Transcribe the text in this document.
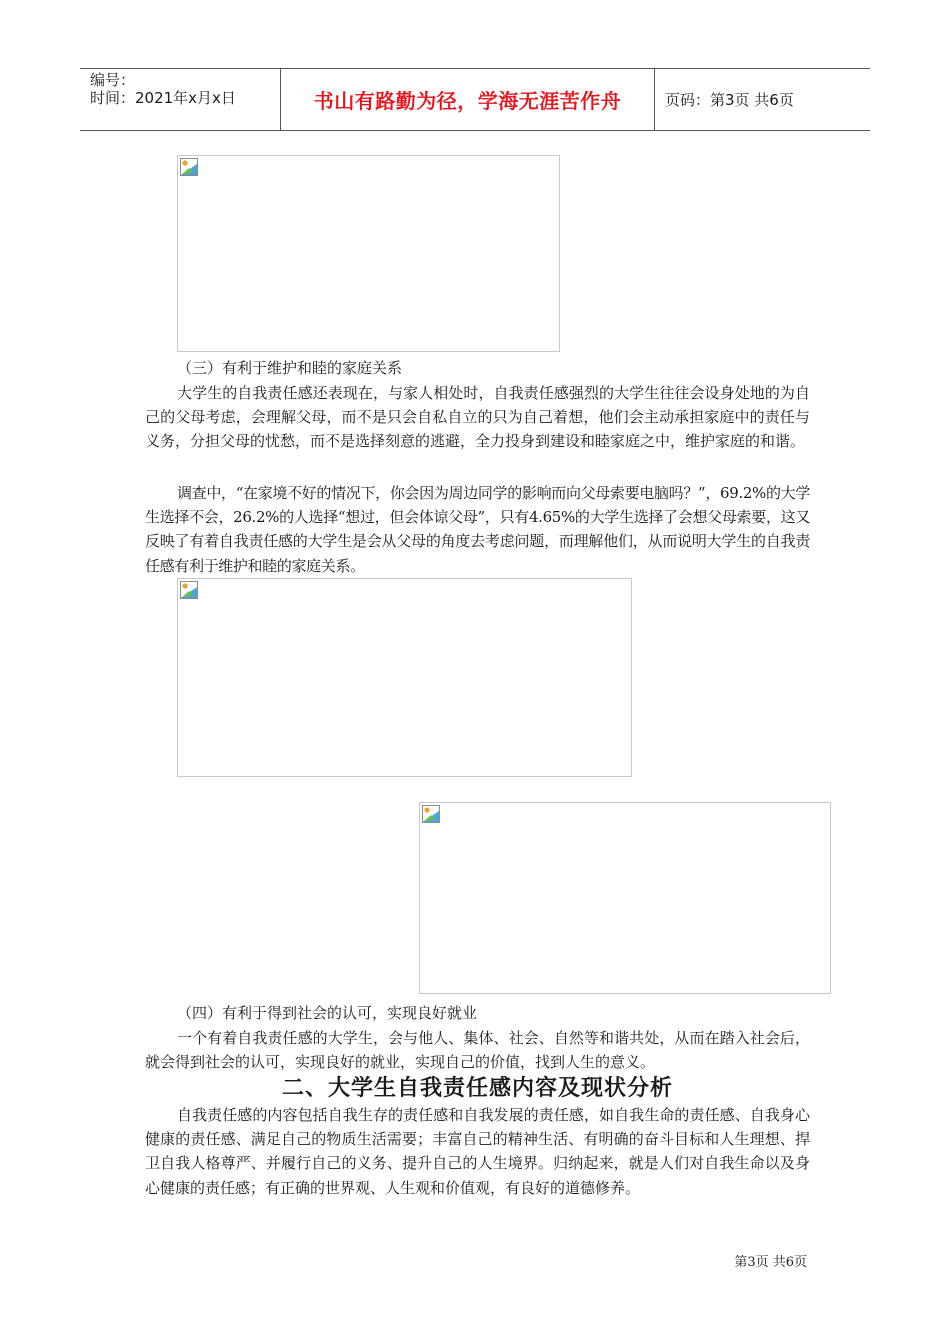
编号：
时间：2021年x月x日	书山有路勤为径，学海无涯苦作舟	页码：第3页 共6页
（三）有利于维护和睦的家庭关系

大学生的自我责任感还表现在，与家人相处时，自我责任感强烈的大学生往往会设身处地的为自己的父母考虑，会理解父母，而不是只会自私自立的只为自己着想，他们会主动承担家庭中的责任与义务，分担父母的忧愁，而不是选择刻意的逃避，全力投身到建设和睦家庭之中，维护家庭的和谐。

调查中，“在家境不好的情况下，你会因为周边同学的影响而向父母索要电脑吗？”，69.2%的大学生选择不会，26.2%的人选择“想过，但会体谅父母”，只有4.65%的大学生选择了会想父母索要，这又反映了有着自我责任感的大学生是会从父母的角度去考虑问题，而理解他们，从而说明大学生的自我责任感有利于维护和睦的家庭关系。

（四）有利于得到社会的认可，实现良好就业

一个有着自我责任感的大学生，会与他人、集体、社会、自然等和谐共处，从而在踏入社会后，就会得到社会的认可，实现良好的就业，实现自己的价值，找到人生的意义。

二、大学生自我责任感内容及现状分析

自我责任感的内容包括自我生存的责任感和自我发展的责任感，如自我生命的责任感、自我身心健康的责任感、满足自己的物质生活需要；丰富自己的精神生活、有明确的奋斗目标和人生理想、捍卫自我人格尊严、并履行自己的义务、提升自己的人生境界。归纳起来，就是人们对自我生命以及身心健康的责任感；有正确的世界观、人生观和价值观，有良好的道德修养。

第3页 共6页
